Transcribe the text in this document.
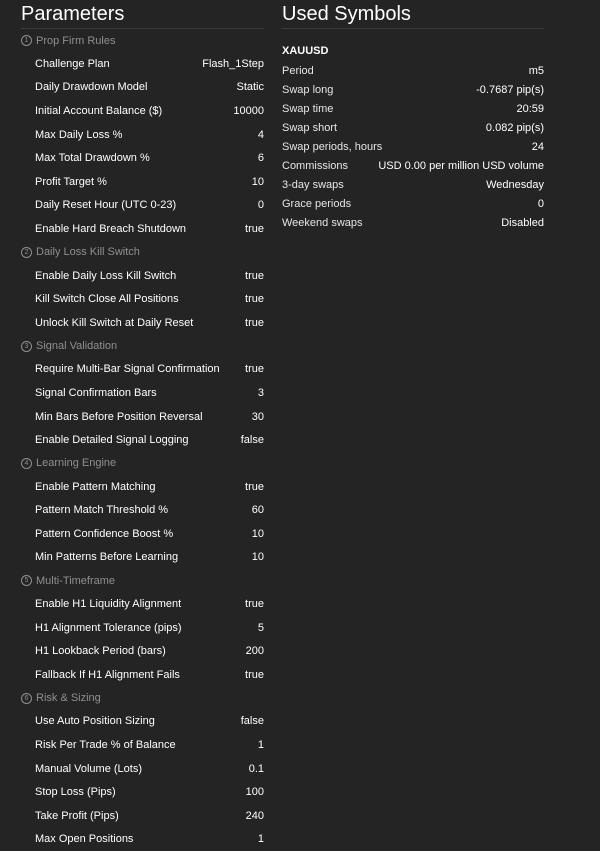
Parameters
1 Prop Firm Rules
Challenge Plan	Flash_1Step
Daily Drawdown Model	Static
Initial Account Balance ($)	10000
Max Daily Loss %	4
Max Total Drawdown %	6
Profit Target %	10
Daily Reset Hour (UTC 0-23)	0
Enable Hard Breach Shutdown	true
2 Daily Loss Kill Switch
Enable Daily Loss Kill Switch	true
Kill Switch Close All Positions	true
Unlock Kill Switch at Daily Reset	true
3 Signal Validation
Require Multi-Bar Signal Confirmation true
Signal Confirmation Bars	3
Min Bars Before Position Reversal	30
Enable Detailed Signal Logging	false
4 Learning Engine
Enable Pattern Matching	true
Pattern Match Threshold %	60
Pattern Confidence Boost %	10
Min Patterns Before Learning	10
5 Multi-Timeframe
Enable H1 Liquidity Alignment	true
H1 Alignment Tolerance (pips)	5
H1 Lookback Period (bars)	200
Fallback If H1 Alignment Fails	true
6 Risk & Sizing
Use Auto Position Sizing	false
Risk Per Trade % of Balance	1
Manual Volume (Lots)	0.1
Stop Loss (Pips)	100
Take Profit (Pips)	240
Max Open Positions	1
Used Symbols
XAUUSD
Period	m5
Swap long	-0.7687 pip(s)
Swap time	20:59
Swap short	0.082 pip(s)
Swap periods, hours	24
Commissions	USD 0.00 per million USD volume
3-day swaps	Wednesday
Grace periods	0
Weekend swaps	Disabled
